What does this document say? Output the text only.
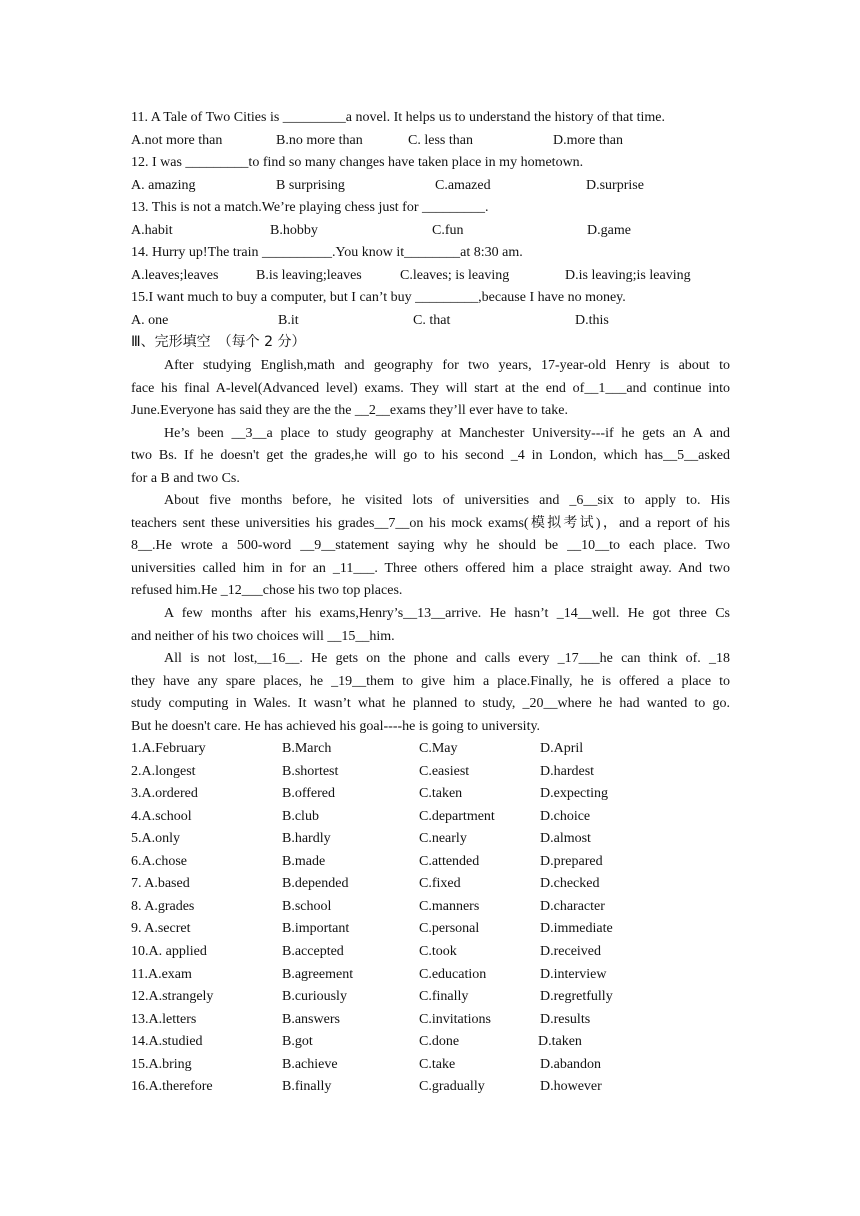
11. A Tale of Two Cities is _________a novel. It helps us to understand the history of that time.
A.not more than	B.no more than	C. less than	D.more than
12. I was _________to find so many changes have taken place in my hometown.
A. amazing	B surprising	C.amazed	D.surprise
13. This is not a match.We’re playing chess just for _________.
A.habit	B.hobby	C.fun	D.game
14. Hurry up!The train __________.You know it________at 8:30 am.
A.leaves;leaves	B.is leaving;leaves	C.leaves; is leaving	D.is leaving;is leaving
15.I want much to buy a computer, but I can’t buy _________,because I have no money.
A. one	B.it	C. that	D.this
Ⅲ、完形填空　（每个 2 分）
After studying English,math and geography for two years, 17-year-old Henry is about to
face his final A-level(Advanced level) exams. They will start at the end of__1___and continue into
June.Everyone has said they are the the __2__exams they’ll ever have to take.
He’s been __3__a place to study geography at Manchester University---if he gets an A and
two Bs. If he doesn't get the grades,he will go to his second _4 in London, which has__5__asked
for a B and two Cs.
About five months before, he visited lots of universities and _6__six to apply to. His
teachers sent these universities his grades__7__on his mock exams(模拟考试)，and a report of his
8__.He wrote a 500-word __9__statement saying why he should be __10__to each place. Two
universities called him in for an _11___. Three others offered him a place straight away. And two
refused him.He _12___chose his two top places.
A few months after his exams,Henry’s__13__arrive. He hasn’t _14__well. He got three Cs
and neither of his two choices will __15__him.
All is not lost,__16__. He gets on the phone and calls every _17___he can think of. _18
they have any spare places, he _19__them to give him a place.Finally, he is offered a place to
study computing in Wales. It wasn’t what he planned to study, _20__where he had wanted to go.
But he doesn't care. He has achieved his goal----he is going to university.
1.A.February	B.March	C.May	D.April
2.A.longest	B.shortest	C.easiest	D.hardest
3.A.ordered	B.offered	C.taken	D.expecting
4.A.school	B.club	C.department	D.choice
5.A.only	B.hardly	C.nearly	D.almost
6.A.chose	B.made	C.attended	D.prepared
7. A.based	B.depended	C.fixed	D.checked
8. A.grades	B.school	C.manners	D.character
9. A.secret	B.important	C.personal	D.immediate
10.A. applied	B.accepted	C.took	D.received
11.A.exam	B.agreement	C.education	D.interview
12.A.strangely	B.curiously	C.finally	D.regretfully
13.A.letters	B.answers	C.invitations	D.results
14.A.studied	B.got	C.done	D.taken
15.A.bring	B.achieve	C.take	D.abandon
16.A.therefore	B.finally	C.gradually	D.however
